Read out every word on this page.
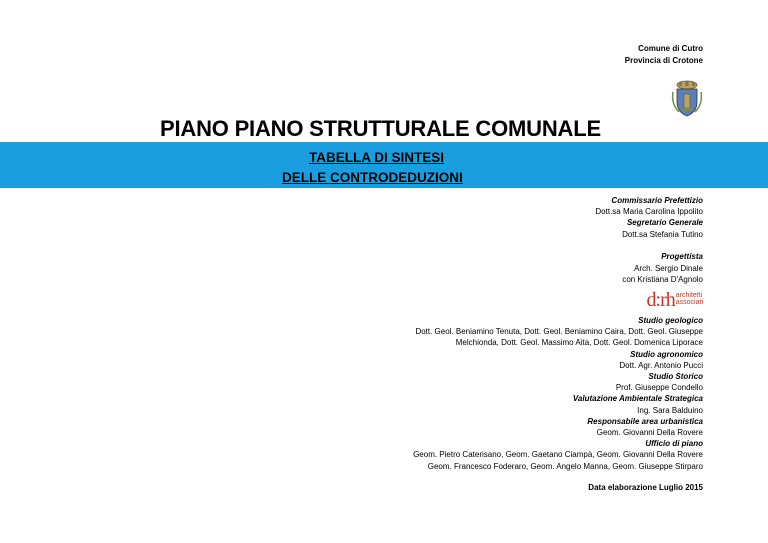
Comune di Cutro
Provincia di Crotone
PIANO PIANO STRUTTURALE COMUNALE
TABELLA DI SINTESI
DELLE CONTRODEDUZIONI
Commissario Prefettizio
Dott.sa Maria Carolina Ippolito
Segretario Generale
Dott.sa Stefania Tutino
Progettista
Arch. Sergio Dinale
con Kristiana D'Agnolo
d:rh architetti
associati
Studio geologico
Dott. Geol. Beniamino Tenuta, Dott. Geol. Beniamino Caira, Dott. Geol. Giuseppe
Melchionda, Dott. Geol. Massimo Aita, Dott. Geol. Domenica Liporace
Studio agronomico
Dott. Agr. Antonio Pucci
Studio Storico
Prof. Giuseppe Condello
Valutazione Ambientale Strategica
Ing. Sara Balduino
Responsabile area urbanistica
Geom. Giovanni Della Rovere
Ufficio di piano
Geom. Pietro Caterisano, Geom. Gaetano Ciampà, Geom. Giovanni Della Rovere
Geom. Francesco Foderaro, Geom. Angelo Manna, Geom. Giuseppe Stirparo
Data elaborazione Luglio 2015
